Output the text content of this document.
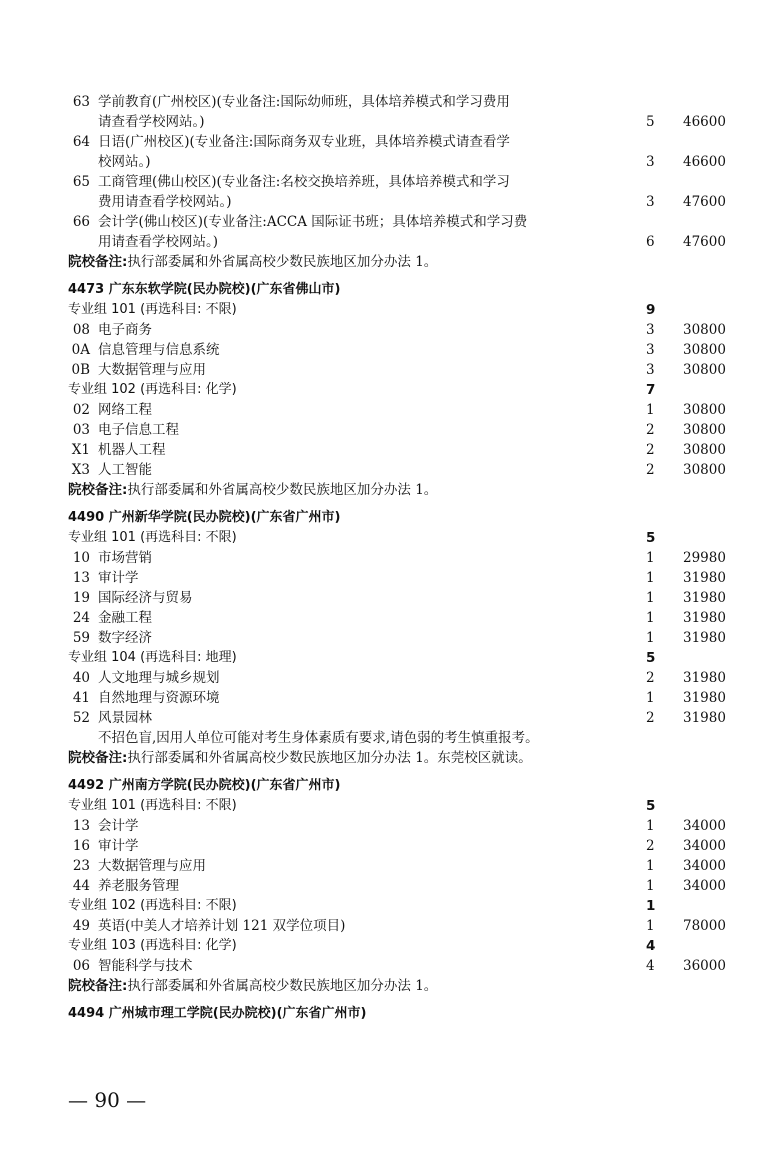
63 学前教育(广州校区)(专业备注:国际幼师班，具体培养模式和学习费用
请查看学校网站。)	5 46600
64 日语(广州校区)(专业备注:国际商务双专业班，具体培养模式请查看学
校网站。)	3 46600
65 工商管理(佛山校区)(专业备注:名校交换培养班，具体培养模式和学习
费用请查看学校网站。)	3 47600
66 会计学(佛山校区)(专业备注:ACCA 国际证书班；具体培养模式和学习费
用请查看学校网站。)	6 47600
院校备注:执行部委属和外省属高校少数民族地区加分办法 1。
4473 广东东软学院(民办院校)(广东省佛山市)
专业组 101 (再选科目: 不限)	9
08 电子商务	3 30800
0A 信息管理与信息系统	3 30800
0B 大数据管理与应用	3 30800
专业组 102 (再选科目: 化学)	7
02 网络工程	1 30800
03 电子信息工程	2 30800
X1 机器人工程	2 30800
X3 人工智能	2 30800
院校备注:执行部委属和外省属高校少数民族地区加分办法 1。
4490 广州新华学院(民办院校)(广东省广州市)
专业组 101 (再选科目: 不限)	5
10 市场营销	1 29980
13 审计学	1 31980
19 国际经济与贸易	1 31980
24 金融工程	1 31980
59 数字经济	1 31980
专业组 104 (再选科目: 地理)	5
40 人文地理与城乡规划	2 31980
41 自然地理与资源环境	1 31980
52 风景园林	2 31980
不招色盲,因用人单位可能对考生身体素质有要求,请色弱的考生慎重报考。
院校备注:执行部委属和外省属高校少数民族地区加分办法 1。东莞校区就读。
4492 广州南方学院(民办院校)(广东省广州市)
专业组 101 (再选科目: 不限)	5
13 会计学	1 34000
16 审计学	2 34000
23 大数据管理与应用	1 34000
44 养老服务管理	1 34000
专业组 102 (再选科目: 不限)	1
49 英语(中美人才培养计划 121 双学位项目)	1 78000
专业组 103 (再选科目: 化学)	4
06 智能科学与技术	4 36000
院校备注:执行部委属和外省属高校少数民族地区加分办法 1。
4494 广州城市理工学院(民办院校)(广东省广州市)
— 90 —
